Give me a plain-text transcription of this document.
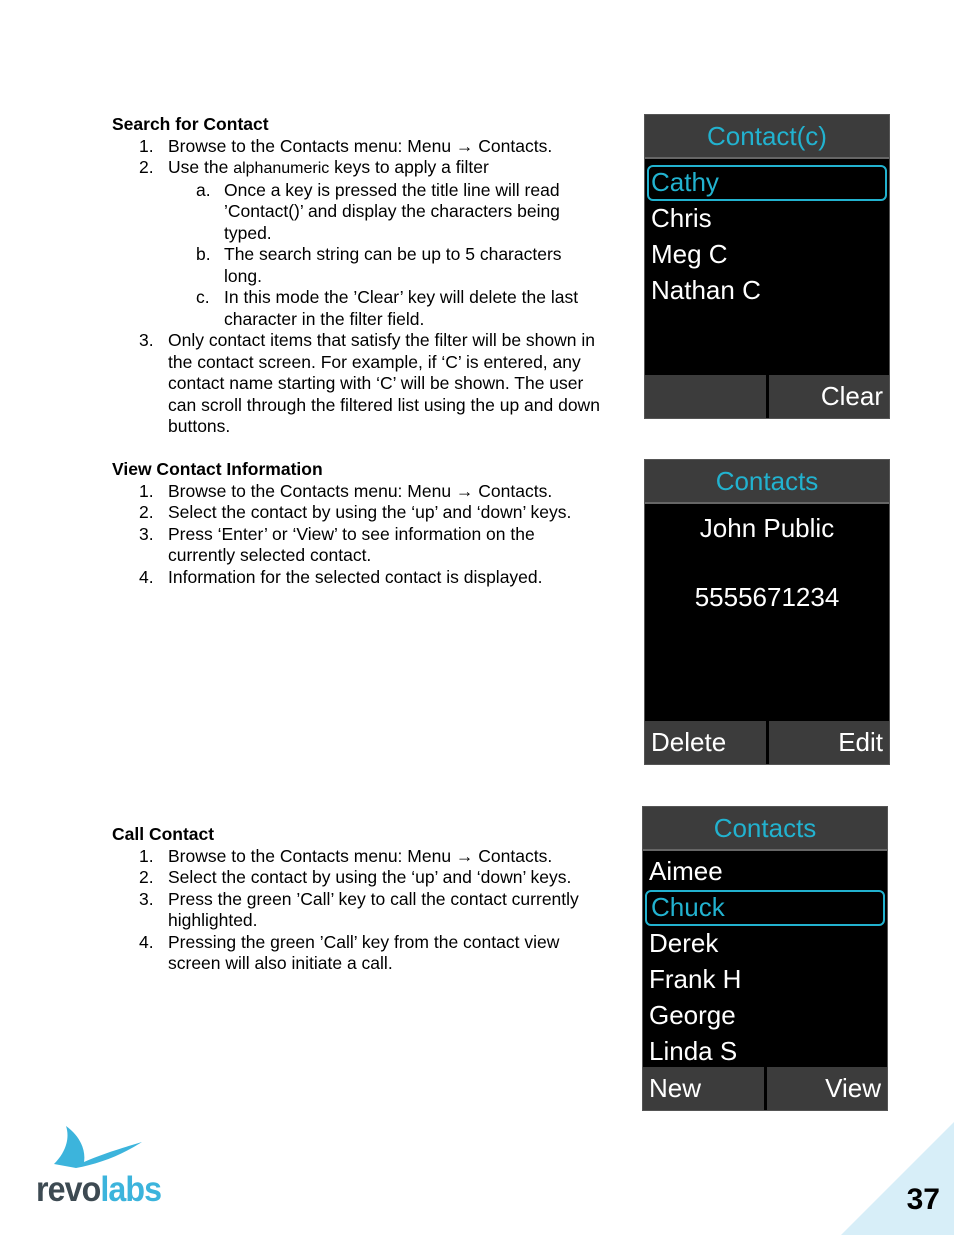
Search for Contact
1. Browse to the Contacts menu: Menu → Contacts.
2. Use the alphanumeric keys to apply a filter
a. Once a key is pressed the title line will read ’Contact()’ and display the characters being typed.
b. The search string can be up to 5 characters long.
c. In this mode the ’Clear’ key will delete the last character in the filter field.
3. Only contact items that satisfy the filter will be shown in the contact screen. For example, if ‘C’ is entered, any contact name starting with ‘C’ will be shown. The user can scroll through the filtered list using the up and down buttons.
View Contact Information
1. Browse to the Contacts menu: Menu → Contacts.
2. Select the contact by using the ‘up’ and ‘down’ keys.
3. Press ‘Enter’ or ‘View’ to see information on the currently selected contact.
4. Information for the selected contact is displayed.
Call Contact
1. Browse to the Contacts menu: Menu → Contacts.
2. Select the contact by using the ‘up’ and ‘down’ keys.
3. Press the green ’Call’ key to call the contact currently highlighted.
4. Pressing the green ’Call’ key from the contact view screen will also initiate a call.
Contact(c)
Cathy
Chris
Meg C
Nathan C
Clear
Contacts
John Public
5555671234
Delete	Edit
Contacts
Aimee
Chuck
Derek
Frank H
George
Linda S
New	View
revolabs	37
